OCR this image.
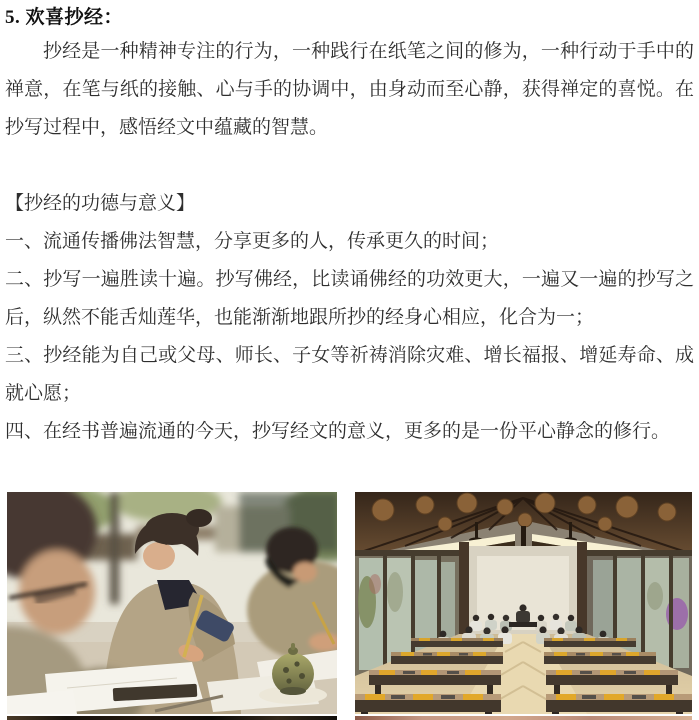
5. 欢喜抄经：

抄经是一种精神专注的行为，一种践行在纸笔之间的修为，一种行动于手中的禅意，在笔与纸的接触、心与手的协调中，由身动而至心静，获得禅定的喜悦。在抄写过程中，感悟经文中蕴藏的智慧。

【抄经的功德与意义】

一、流通传播佛法智慧，分享更多的人，传承更久的时间；

二、抄写一遍胜读十遍。抄写佛经，比读诵佛经的功效更大，一遍又一遍的抄写之后，纵然不能舌灿莲华，也能渐渐地跟所抄的经身心相应，化合为一；

三、抄经能为自己或父母、师长、子女等祈祷消除灾难、增长福报、增延寿命、成就心愿；

四、在经书普遍流通的今天，抄写经文的意义，更多的是一份平心静念的修行。
